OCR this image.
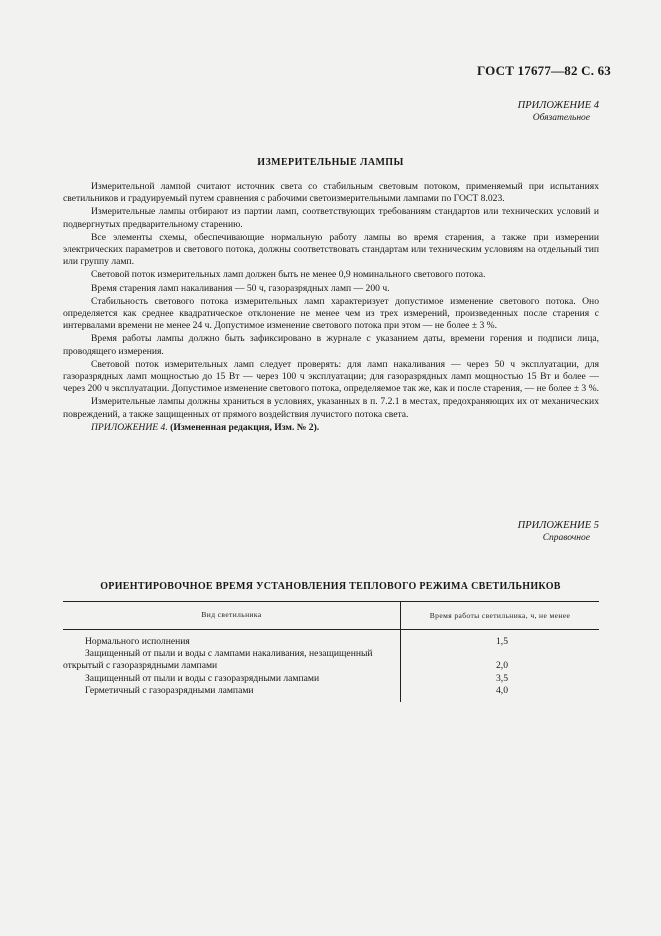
ГОСТ 17677—82 С. 63
ПРИЛОЖЕНИЕ 4
Обязательное
ИЗМЕРИТЕЛЬНЫЕ ЛАМПЫ

Измерительной лампой считают источник света со стабильным световым потоком, применяемый при испытаниях светильников и градуируемый путем сравнения с рабочими светоизмерительными лампами по ГОСТ 8.023.

Измерительные лампы отбирают из партии ламп, соответствующих требованиям стандартов или технических условий и подвергнутых предварительному старению.

Все элементы схемы, обеспечивающие нормальную работу лампы во время старения, а также при измерении электрических параметров и светового потока, должны соответствовать стандартам или техническим условиям на отдельный тип или группу ламп.

Световой поток измерительных ламп должен быть не менее 0,9 номинального светового потока.

Время старения ламп накаливания — 50 ч, газоразрядных ламп — 200 ч.

Стабильность светового потока измерительных ламп характеризует допустимое изменение светового потока. Оно определяется как среднее квадратическое отклонение не менее чем из трех измерений, произведенных после старения с интервалами времени не менее 24 ч. Допустимое изменение светового потока при этом — не более ± 3 %.

Время работы лампы должно быть зафиксировано в журнале с указанием даты, времени горения и подписи лица, проводящего измерения.

Световой поток измерительных ламп следует проверять: для ламп накаливания — через 50 ч эксплуатации, для газоразрядных ламп мощностью до 15 Вт — через 100 ч эксплуатации; для газоразрядных ламп мощностью 15 Вт и более — через 200 ч эксплуатации. Допустимое изменение светового потока, определяемое так же, как и после старения, — не более ± 3 %.

Измерительные лампы должны храниться в условиях, указанных в п. 7.2.1 в местах, предохраняющих их от механических повреждений, а также защищенных от прямого воздействия лучистого потока света.

ПРИЛОЖЕНИЕ 4. (Измененная редакция, Изм. № 2).

ПРИЛОЖЕНИЕ 5
Справочное
ОРИЕНТИРОВОЧНОЕ ВРЕМЯ УСТАНОВЛЕНИЯ ТЕПЛОВОГО РЕЖИМА СВЕТИЛЬНИКОВ
Вид светильника	Время работы светильника, ч, не менее
Нормального исполнения	1,5
Защищенный от пыли и воды с лампами накаливания, незащищенный открытый с газоразрядными лампами	2,0
Защищенный от пыли и воды с газоразрядными лампами	3,5
Герметичный с газоразрядными лампами	4,0
